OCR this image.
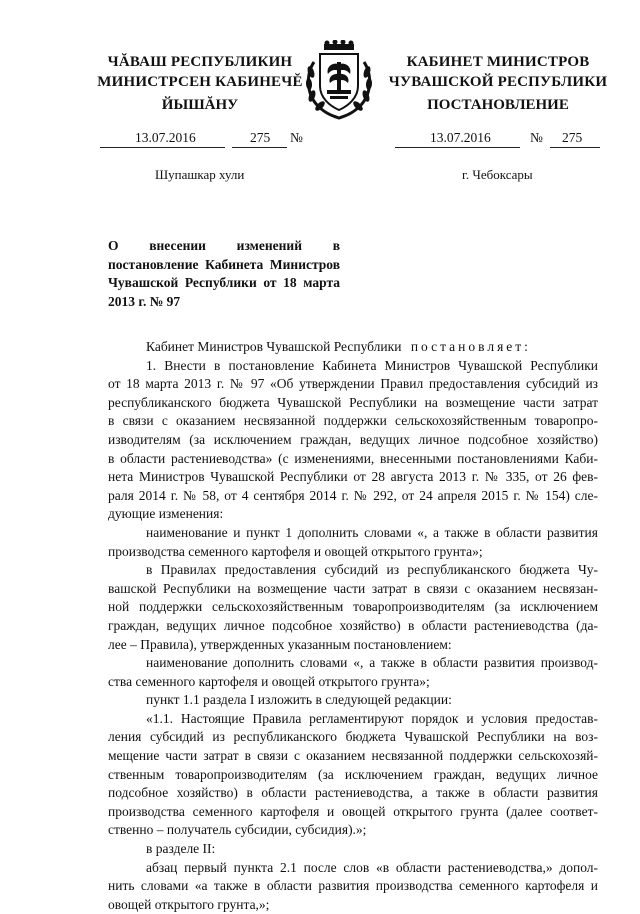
ЧĂВАШ РЕСПУБЛИКИН
МИНИСТРСЕН КАБИНЕЧĔ
КАБИНЕТ МИНИСТРОВ
ЧУВАШСКОЙ РЕСПУБЛИКИ
ЙЫШĂНУ	ПОСТАНОВЛЕНИЕ
13.07.2016	275 №	13.07.2016	№ 275
Шупашкар хули	г. Чебоксары
О внесении изменений в постановление Кабинета Министров Чувашской Республики от 18 марта 2013 г. № 97
Кабинет Министров Чувашской Республики постановляет:
1. Внести в постановление Кабинета Министров Чувашской Республики
от 18 марта 2013 г. № 97 «Об утверждении Правил предоставления субсидий из
республиканского бюджета Чувашской Республики на возмещение части затрат
в связи с оказанием несвязанной поддержки сельскохозяйственным товаропро-
изводителям (за исключением граждан, ведущих личное подсобное хозяйство)
в области растениеводства» (с изменениями, внесенными постановлениями Каби-
нета Министров Чувашской Республики от 28 августа 2013 г. № 335, от 26 фев-
раля 2014 г. № 58, от 4 сентября 2014 г. № 292, от 24 апреля 2015 г. № 154) сле-
дующие изменения:
наименование и пункт 1 дополнить словами «, а также в области развития
производства семенного картофеля и овощей открытого грунта»;
в Правилах предоставления субсидий из республиканского бюджета Чу-
вашской Республики на возмещение части затрат в связи с оказанием несвязан-
ной поддержки сельскохозяйственным товаропроизводителям (за исключением
граждан, ведущих личное подсобное хозяйство) в области растениеводства (да-
лее – Правила), утвержденных указанным постановлением:
наименование дополнить словами «, а также в области развития производ-
ства семенного картофеля и овощей открытого грунта»;
пункт 1.1 раздела I изложить в следующей редакции:
«1.1. Настоящие Правила регламентируют порядок и условия предостав-
ления субсидий из республиканского бюджета Чувашской Республики на воз-
мещение части затрат в связи с оказанием несвязанной поддержки сельскохозяй-
ственным товаропроизводителям (за исключением граждан, ведущих личное
подсобное хозяйство) в области растениеводства, а также в области развития
производства семенного картофеля и овощей открытого грунта (далее соответ-
ственно – получатель субсидии, субсидия).»;
в разделе II:
абзац первый пункта 2.1 после слов «в области растениеводства,» допол-
нить словами «а также в области развития производства семенного картофеля и
овощей открытого грунта,»;
